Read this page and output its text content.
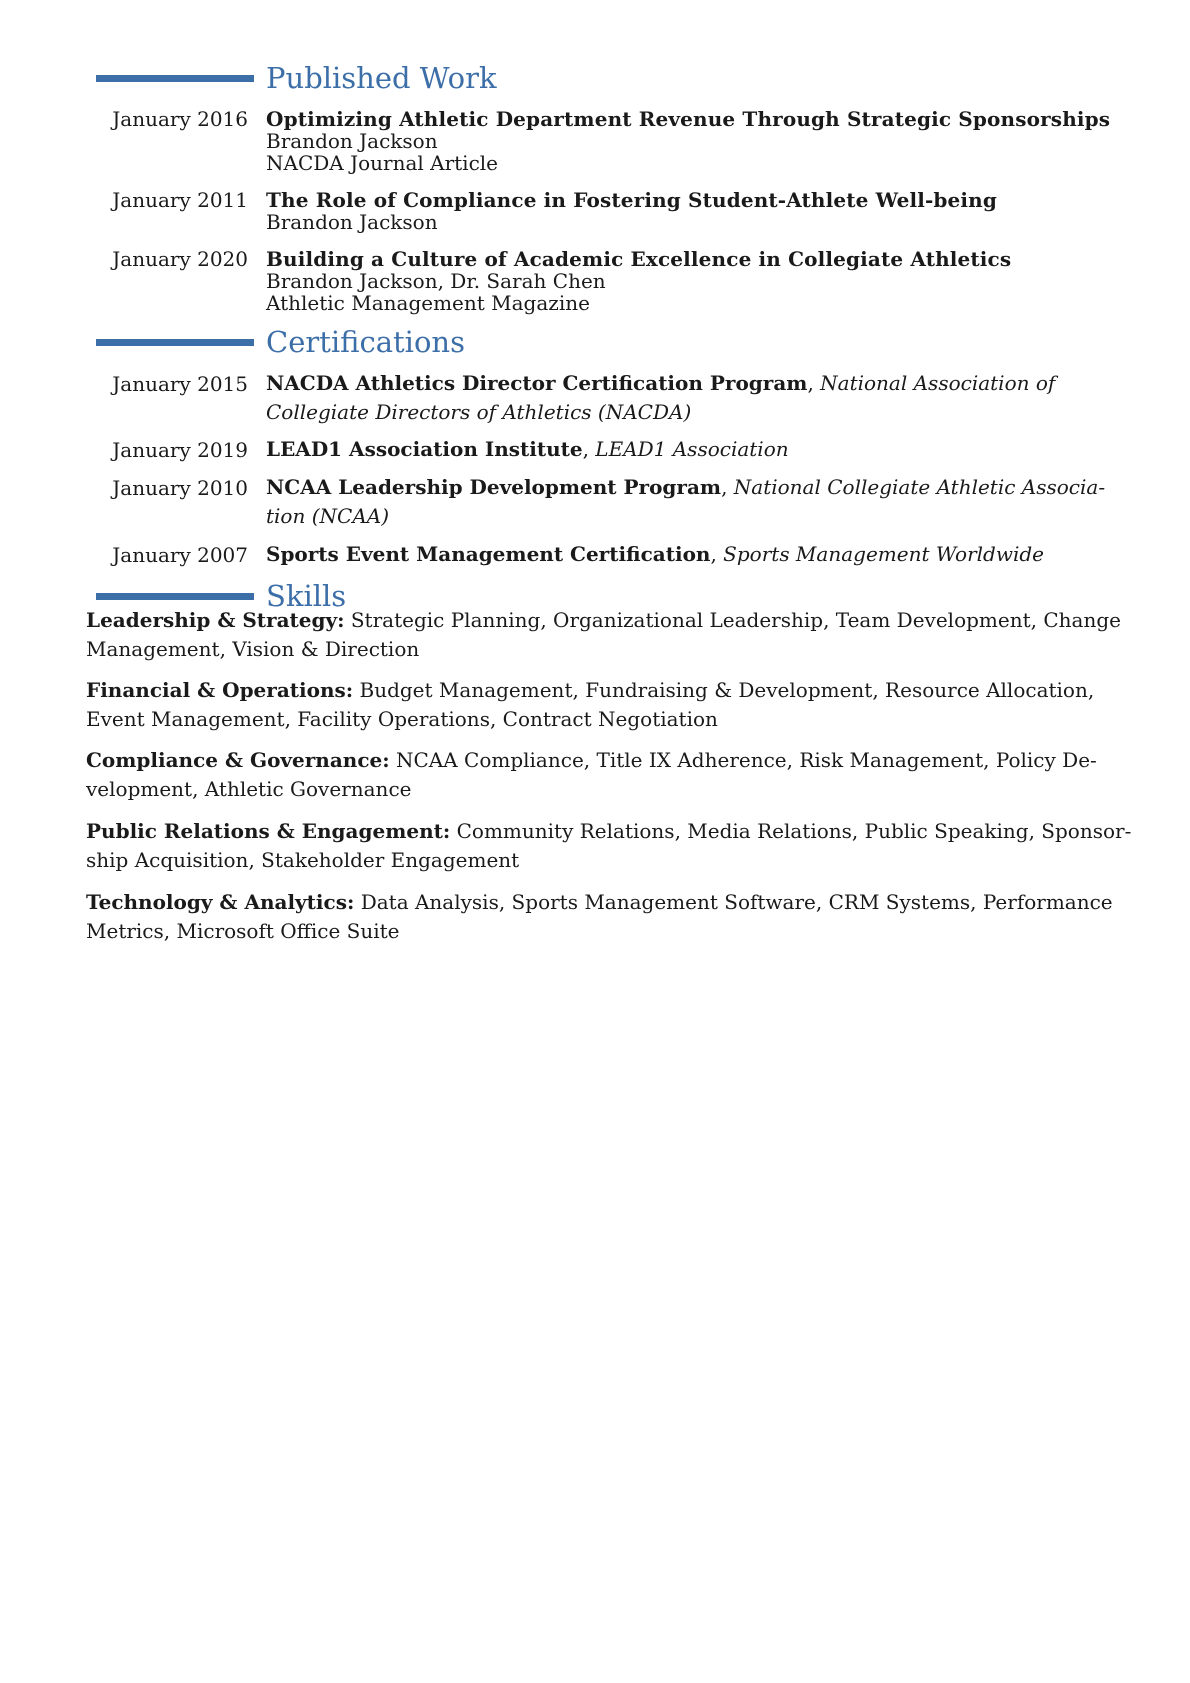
Published Work
January 2016 Optimizing Athletic Department Revenue Through Strategic Sponsorships
Brandon Jackson
NACDA Journal Article
January 2011 The Role of Compliance in Fostering Student-Athlete Well-being
Brandon Jackson
January 2020 Building a Culture of Academic Excellence in Collegiate Athletics
Brandon Jackson, Dr. Sarah Chen
Athletic Management Magazine
Certifications
January 2015 NACDA Athletics Director Certification Program, National Association of
Collegiate Directors of Athletics (NACDA)
January 2019 LEAD1 Association Institute, LEAD1 Association
January 2010 NCAA Leadership Development Program, National Collegiate Athletic Associa-
tion (NCAA)
January 2007 Sports Event Management Certification, Sports Management Worldwide
Skills
Leadership & Strategy: Strategic Planning, Organizational Leadership, Team Development, Change
Management, Vision & Direction
Financial & Operations: Budget Management, Fundraising & Development, Resource Allocation,
Event Management, Facility Operations, Contract Negotiation
Compliance & Governance: NCAA Compliance, Title IX Adherence, Risk Management, Policy De-
velopment, Athletic Governance
Public Relations & Engagement: Community Relations, Media Relations, Public Speaking, Sponsor-
ship Acquisition, Stakeholder Engagement
Technology & Analytics: Data Analysis, Sports Management Software, CRM Systems, Performance
Metrics, Microsoft Office Suite
